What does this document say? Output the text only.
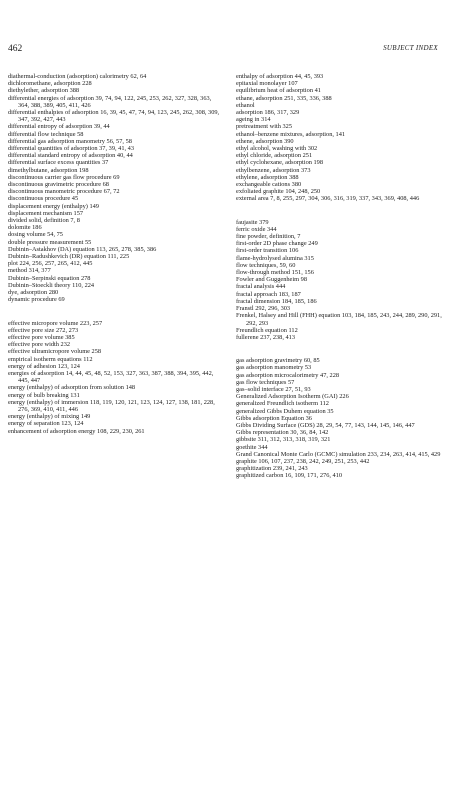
462	SUBJECT INDEX
diathermal-conduction (adsorption) calorimetry 62, 64
dichloromethane, adsorption 228
diethylether, adsorption 388
differential energies of adsorption 39, 74, 94, 122, 245, 253, 262, 327, 328, 363, 364, 388, 389, 405, 411, 426
differential enthalpies of adsorption 16, 39, 45, 47, 74, 94, 123, 245, 262, 308, 309, 347, 392, 427, 443
differential entropy of adsorption 39, 44
differential flow technique 58
differential gas adsorption manometry 56, 57, 58
differential quantities of adsorption 37, 39, 41, 43
differential standard entropy of adsorption 40, 44
differential surface excess quantities 37
dimethylbutane, adsorption 198
discontinuous carrier gas flow procedure 69
discontinuous gravimetric procedure 68
discontinuous manometric procedure 67, 72
discontinuous procedure 45
displacement energy (enthalpy) 149
displacement mechanism 157
divided solid, definition 7, 8
dolomite 186
dosing volume 54, 75
double pressure measurement 55
Dubinin–Astakhov (DA) equation 113, 265, 278, 385, 386
Dubinin–Radushkevich (DR) equation 111, 225
plot 224, 256, 257, 265, 412, 445
method 314, 377
Dubinin–Serpinski equation 278
Dubinin–Stoeckli theory 110, 224
dye, adsorption 280
dynamic procedure 69
effective micropore volume 223, 257
effective pore size 272, 273
effective pore volume 385
effective pore width 232
effective ultramicropore volume 258
empirical isotherm equations 112
energy of adhesion 123, 124
energies of adsorption 14, 44, 45, 48, 52, 153, 327, 363, 387, 388, 394, 395, 442, 445, 447
energy (enthalpy) of adsorption from solution 148
energy of bulb breaking 131
energy (enthalpy) of immersion 118, 119, 120, 121, 123, 124, 127, 138, 181, 228, 276, 369, 410, 411, 446
energy (enthalpy) of mixing 149
energy of separation 123, 124
enhancement of adsorption energy 108, 229, 230, 261
enthalpy of adsorption 44, 45, 393
epitaxial monolayer 107
equilibrium heat of adsorption 41
ethane, adsorption 251, 335, 336, 388
ethanol
adsorption 186, 317, 329
ageing in 314
pretreatment with 325
ethanol–benzene mixtures, adsorption, 141
ethene, adsorption 390
ethyl alcohol, washing with 302
ethyl chloride, adsorption 251
ethyl cyclohexane, adsorption 198
ethylbenzene, adsorption 373
ethylene, adsorption 388
exchangeable cations 380
exfoliated graphite 104, 248, 250
external area 7, 8, 255, 297, 304, 306, 316, 319, 337, 343, 369, 408, 446
faujasite 379
ferric oxide 344
fine powder, definition, 7
first-order 2D phase change 249
first-order transition 106
flame-hydrolysed alumina 315
flow techniques, 59, 60
flow-through method 151, 156
Fowler and Guggenheim 98
fractal analysis 444
fractal approach 183, 187
fractal dimension 184, 185, 186
Franstl 292, 296, 303
Frenkel, Halsey and Hill (FHH) equation 103, 184, 185, 243, 244, 289, 290, 291, 292, 293
Freundlich equation 112
fullerene 237, 238, 413
gas adsorption gravimetry 60, 85
gas adsorption manometry 53
gas adsorption microcalorimetry 47, 228
gas flow techniques 57
gas–solid interface 27, 51, 93
Generalized Adsorption Isotherm (GAI) 226
generalized Freundlich isotherm 112
generalized Gibbs Duhem equation 35
Gibbs adsorption Equation 36
Gibbs Dividing Surface (GDS) 28, 29, 54, 77, 143, 144, 145, 146, 447
Gibbs representation 30, 36, 84, 142
gibbsite 311, 312, 313, 318, 319, 321
goethite 344
Grand Canonical Monte Carlo (GCMC) simulation 233, 234, 263, 414, 415, 429
graphite 106, 107, 237, 238, 242, 249, 251, 253, 442
graphitization 239, 241, 243
graphitized carbon 16, 109, 171, 276, 410
